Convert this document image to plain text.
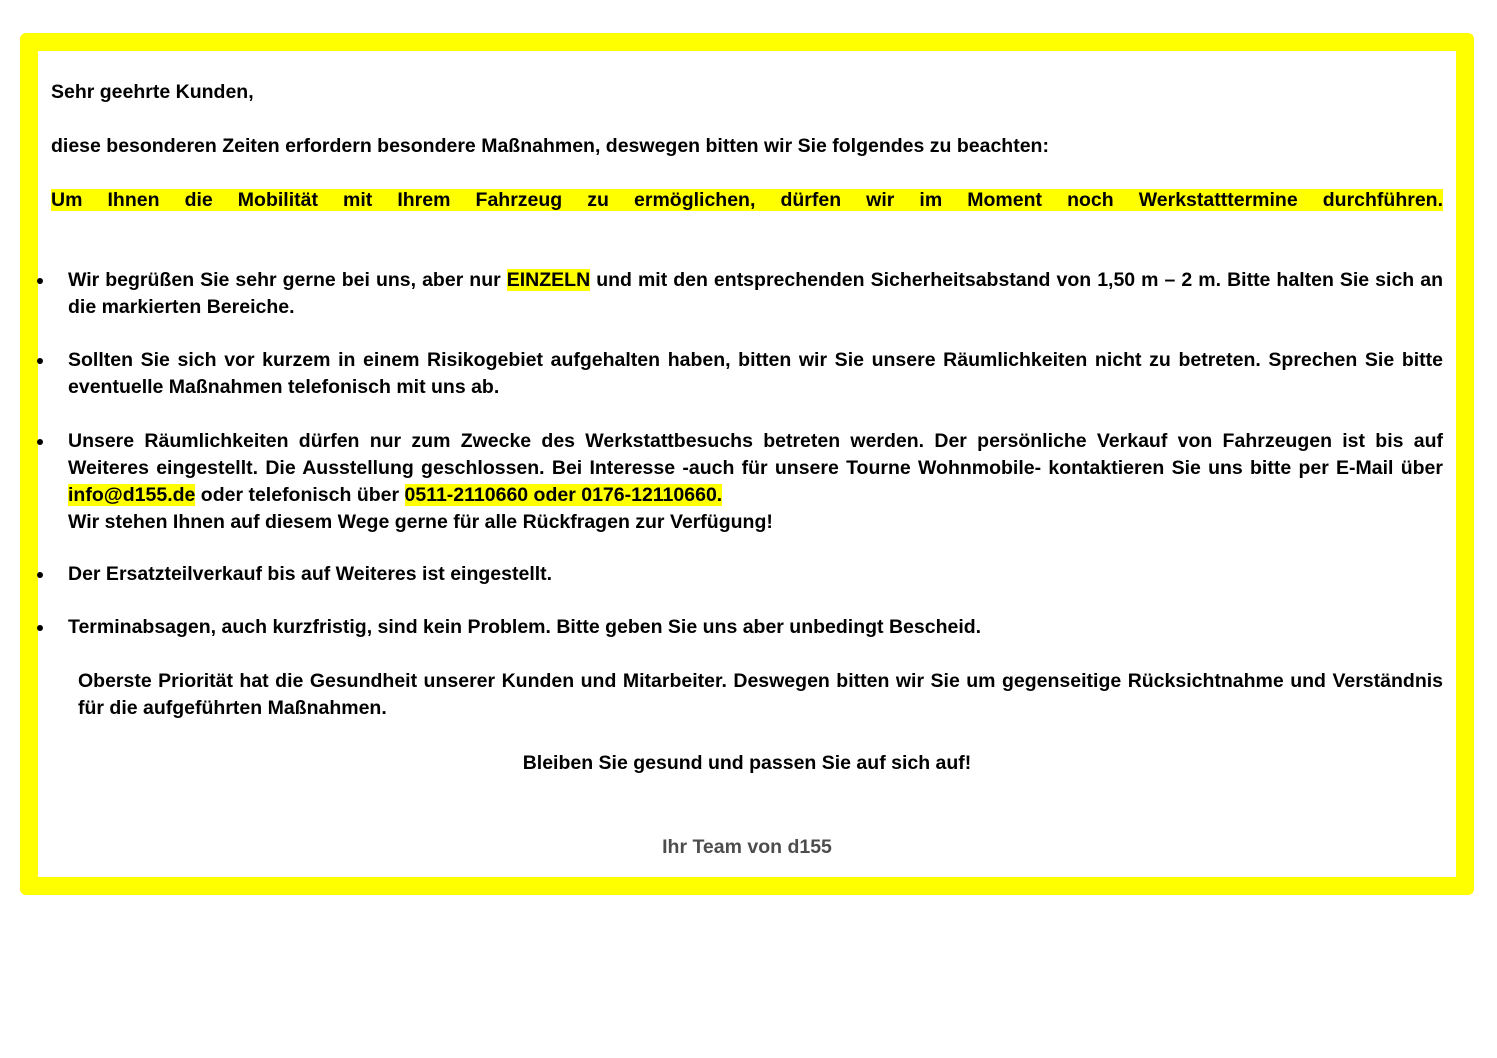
Sehr geehrte Kunden,

diese besonderen Zeiten erfordern besondere Maßnahmen, deswegen bitten wir Sie folgendes zu beachten:

Um Ihnen die Mobilität mit Ihrem Fahrzeug zu ermöglichen, dürfen wir im Moment noch Werkstatttermine durchführen.

Wir begrüßen Sie sehr gerne bei uns, aber nur EINZELN und mit den entsprechenden Sicherheitsabstand von 1,50 m – 2 m. Bitte halten Sie sich an die markierten Bereiche.
Sollten Sie sich vor kurzem in einem Risikogebiet aufgehalten haben, bitten wir Sie unsere Räumlichkeiten nicht zu betreten. Sprechen Sie bitte eventuelle Maßnahmen telefonisch mit uns ab.
Unsere Räumlichkeiten dürfen nur zum Zwecke des Werkstattbesuchs betreten werden. Der persönliche Verkauf von Fahrzeugen ist bis auf Weiteres eingestellt. Die Ausstellung geschlossen. Bei Interesse -auch für unsere Tourne Wohnmobile- kontaktieren Sie uns bitte per E-Mail über info@d155.de oder telefonisch über 0511-2110660 oder 0176-12110660.
Wir stehen Ihnen auf diesem Wege gerne für alle Rückfragen zur Verfügung!
Der Ersatzteilverkauf bis auf Weiteres ist eingestellt.
Terminabsagen, auch kurzfristig, sind kein Problem. Bitte geben Sie uns aber unbedingt Bescheid.

Oberste Priorität hat die Gesundheit unserer Kunden und Mitarbeiter. Deswegen bitten wir Sie um gegenseitige Rücksichtnahme und Verständnis für die aufgeführten Maßnahmen.

Bleiben Sie gesund und passen Sie auf sich auf!

Ihr Team von d155
